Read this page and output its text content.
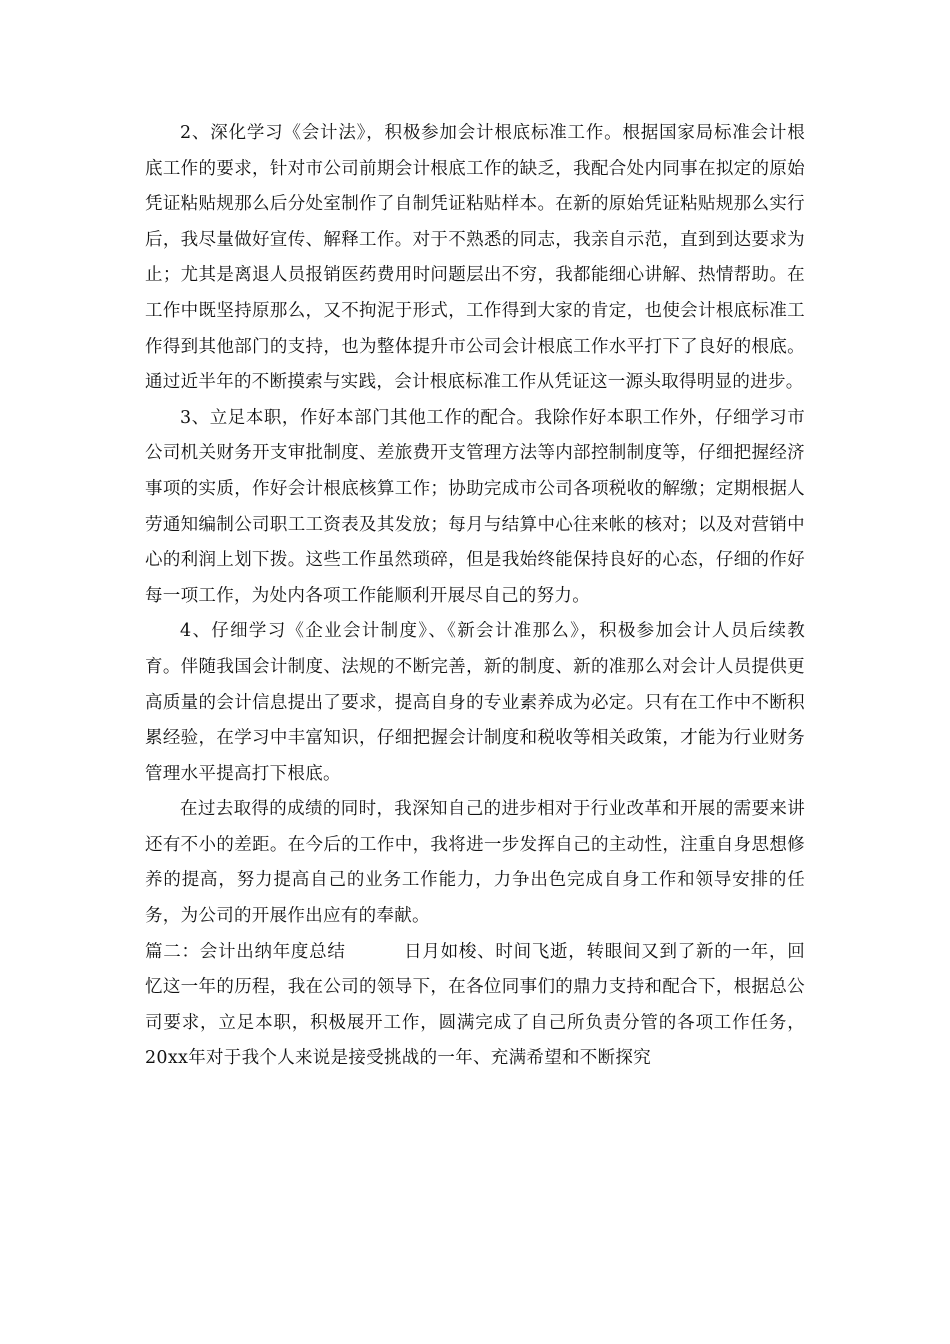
2、深化学习《会计法》，积极参加会计根底标准工作。根据国家局标准会计根底工作的要求，针对市公司前期会计根底工作的缺乏，我配合处内同事在拟定的原始凭证粘贴规那么后分处室制作了自制凭证粘贴样本。在新的原始凭证粘贴规那么实行后，我尽量做好宣传、解释工作。对于不熟悉的同志，我亲自示范，直到到达要求为止；尤其是离退人员报销医药费用时问题层出不穷，我都能细心讲解、热情帮助。在工作中既坚持原那么，又不拘泥于形式，工作得到大家的肯定，也使会计根底标准工作得到其他部门的支持，也为整体提升市公司会计根底工作水平打下了良好的根底。通过近半年的不断摸索与实践，会计根底标准工作从凭证这一源头取得明显的进步。

3、立足本职，作好本部门其他工作的配合。我除作好本职工作外，仔细学习市公司机关财务开支审批制度、差旅费开支管理方法等内部控制制度等，仔细把握经济事项的实质，作好会计根底核算工作；协助完成市公司各项税收的解缴；定期根据人劳通知编制公司职工工资表及其发放；每月与结算中心往来帐的核对；以及对营销中心的利润上划下拨。这些工作虽然琐碎，但是我始终能保持良好的心态，仔细的作好每一项工作，为处内各项工作能顺利开展尽自己的努力。

4、仔细学习《企业会计制度》、《新会计准那么》，积极参加会计人员后续教育。伴随我国会计制度、法规的不断完善，新的制度、新的准那么对会计人员提供更高质量的会计信息提出了要求，提高自身的专业素养成为必定。只有在工作中不断积累经验，在学习中丰富知识，仔细把握会计制度和税收等相关政策，才能为行业财务管理水平提高打下根底。

在过去取得的成绩的同时，我深知自己的进步相对于行业改革和开展的需要来讲还有不小的差距。在今后的工作中，我将进一步发挥自己的主动性，注重自身思想修养的提高，努力提高自己的业务工作能力，力争出色完成自身工作和领导安排的任务，为公司的开展作出应有的奉献。

篇二：会计出纳年度总结	日月如梭、时间飞逝，转眼间又到了新的一年，回忆这一年的历程，我在公司的领导下，在各位同事们的鼎力支持和配合下，根据总公司要求，立足本职，积极展开工作，圆满完成了自己所负责分管的各项工作任务，20xx年对于我个人来说是接受挑战的一年、充满希望和不断探究
